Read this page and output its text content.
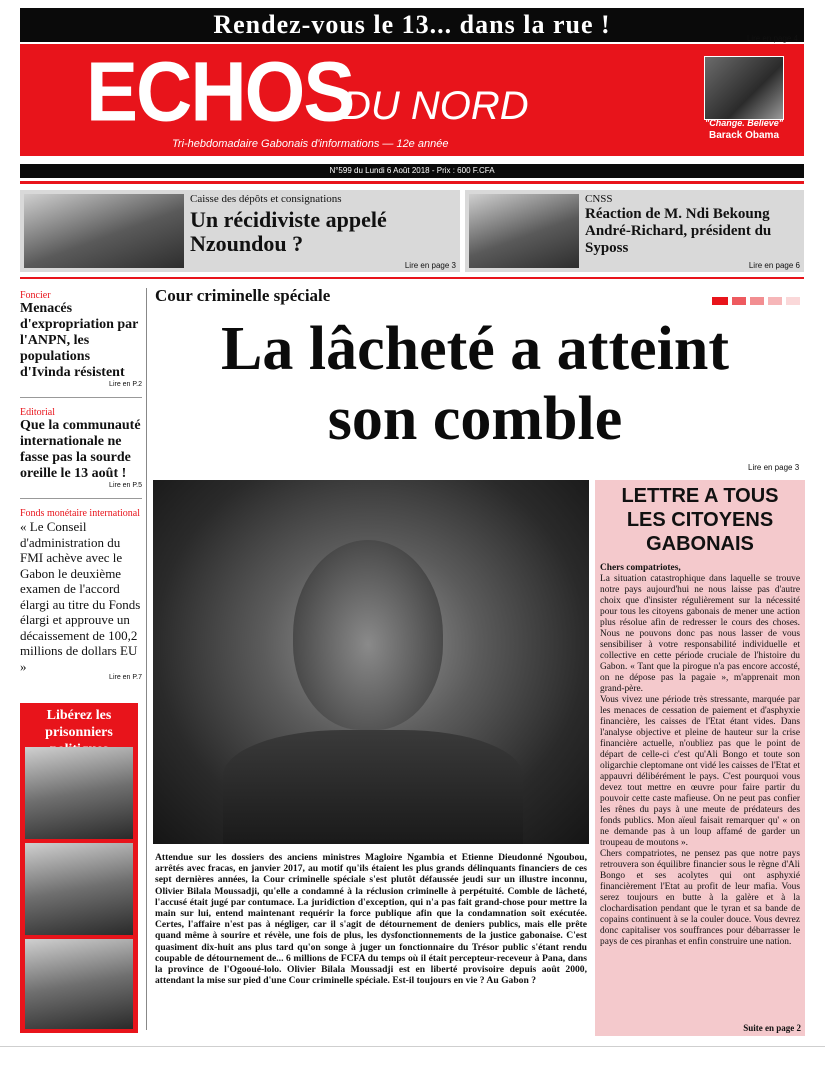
Rendez-vous le 13... dans la rue !	Lire en page 4
ECHOS
DU NORD
Tri-hebdomadaire Gabonais d'informations — 12e année
"Change. Believe"
Barack Obama
N°599 du Lundi 6 Août 2018 - Prix : 600 F.CFA
Caisse des dépôts et consignations
Un récidiviste appelé Nzoundou ?
Lire en page 3
CNSS
Réaction de M. Ndi Bekoung André-Richard, président du Syposs
Lire en page 6
Foncier
Menacés d'expropriation par l'ANPN, les populations d'Ivinda résistent
Lire en P.2
Editorial
Que la communauté internationale ne fasse pas la sourde oreille le 13 août !
Lire en P.5
Fonds monétaire international
« Le Conseil d'administration du FMI achève avec le Gabon le deuxième examen de l'accord élargi au titre du Fonds élargi et approuve un décaissement de 100,2 millions de dollars EU »
Lire en P.7
Libérez les prisonniers
Cour criminelle spéciale

La lâcheté a atteint
son comble
Lire en page 3
Attendue sur les dossiers des anciens ministres Magloire Ngambia et Etienne Dieudonné Ngoubou, arrêtés avec fracas, en janvier 2017, au motif qu'ils étaient les plus grands délinquants financiers de ces sept dernières années, la Cour criminelle spéciale s'est plutôt défaussée jeudi sur un illustre inconnu, Olivier Bilala Moussadji, qu'elle a condamné à la réclusion criminelle à perpétuité. Comble de lâcheté, l'accusé était jugé par contumace. La juridiction d'exception, qui n'a pas fait grand-chose pour mettre la main sur lui, entend maintenant requérir la force publique afin que la condamnation soit exécutée. Certes, l'affaire n'est pas à négliger, car il s'agit de détournement de deniers publics, mais elle prête quand même à sourire et révèle, une fois de plus, les dysfonctionnements de la justice gabonaise. C'est quasiment dix-huit ans plus tard qu'on songe à juger un fonctionnaire du Trésor public s'étant rendu coupable de détournement de... 6 millions de FCFA du temps où il était percepteur-receveur à Pana, dans la province de l'Ogooué-lolo. Olivier Bilala Moussadji est en liberté provisoire depuis août 2000, attendant la mise sur pied d'une Cour criminelle spéciale. Est-il toujours en vie ? Au Gabon ?
LETTRE A TOUS LES CITOYENS GABONAIS
Chers compatriotes,
La situation catastrophique dans laquelle se trouve notre pays aujourd'hui ne nous laisse pas d'autre choix que d'insister régulièrement sur la nécessité pour tous les citoyens gabonais de mener une action plus résolue afin de redresser le cours des choses. Nous ne pouvons donc pas nous lasser de vous sensibiliser à votre responsabilité individuelle et collective en cette période cruciale de l'histoire du Gabon. « Tant que la pirogue n'a pas encore accosté, on ne dépose pas la pagaie », m'apprenait mon grand-père.
Vous vivez une période très stressante, marquée par les menaces de cessation de paiement et d'asphyxie financière, les caisses de l'Etat étant vides. Dans l'analyse objective et pleine de hauteur sur la crise financière actuelle, n'oubliez pas que le point de départ de celle-ci c'est qu'Ali Bongo et toute son oligarchie cleptomane ont vidé les caisses de l'Etat et appauvri délibérément le pays. C'est pourquoi vous devez tout mettre en œuvre pour faire partir du pouvoir cette caste mafieuse. On ne peut pas confier les rênes du pays à une meute de prédateurs des fonds publics. Mon aïeul faisait remarquer qu' « on ne demande pas à un loup affamé de garder un troupeau de moutons ».
Chers compatriotes, ne pensez pas que notre pays retrouvera son équilibre financier sous le règne d'Ali Bongo et ses acolytes qui ont asphyxié financièrement l'Etat au profit de leur mafia. Vous serez toujours en butte à la galère et à la clochardisation pendant que le tyran et sa bande de copains continuent à se la couler douce. Vous devrez donc capitaliser vos souffrances pour débarrasser le pays de ces piranhas et enfin construire une nation.
Suite en page 2
